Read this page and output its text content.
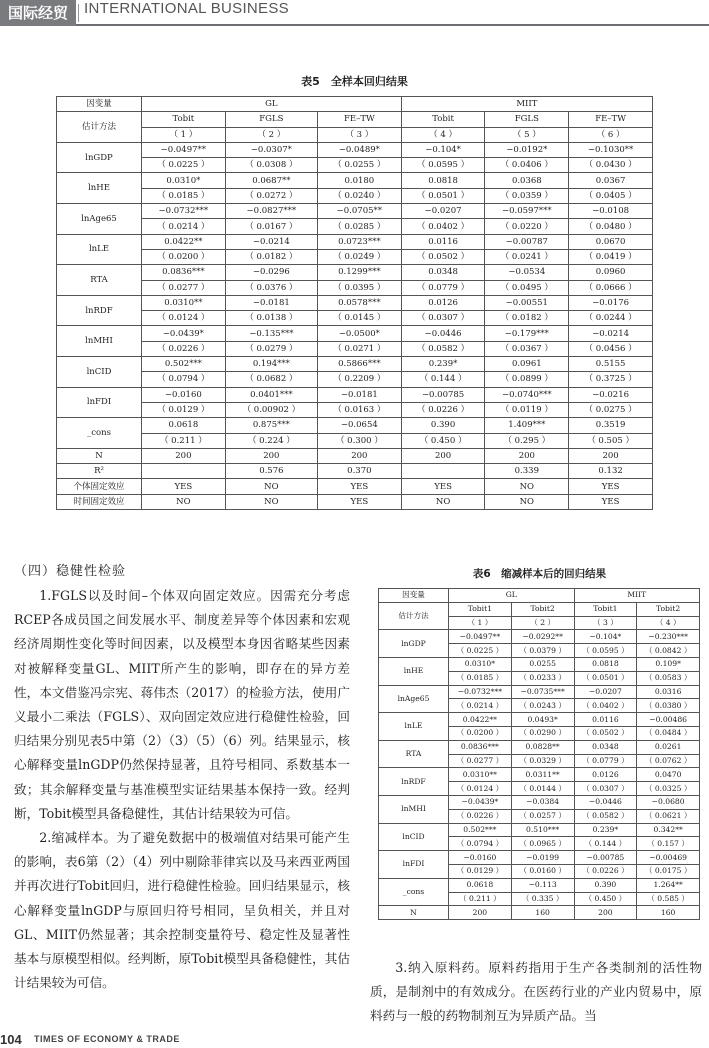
国际经贸	INTERNATIONAL BUSINESS
表5　全样本回归结果
因变量	GL			MIIT		
估计方法	Tobit	FGLS	FE–TW	Tobit	FGLS	FE–TW
	（ 1 ）	（ 2 ）	（ 3 ）	（ 4 ）	（ 5 ）	（ 6 ）
lnGDP	−0.0497**	−0.0307*	−0.0489*	−0.104*	−0.0192*	−0.1030**
	（ 0.0225 ）	（ 0.0308 ）	（ 0.0255 ）	（ 0.0595 ）	（ 0.0406 ）	（ 0.0430 ）
lnHE	0.0310*	0.0687**	0.0180	0.0818	0.0368	0.0367
	（ 0.0185 ）	（ 0.0272 ）	（ 0.0240 ）	（ 0.0501 ）	（ 0.0359 ）	（ 0.0405 ）
lnAge65	−0.0732***	−0.0827***	−0.0705**	−0.0207	−0.0597***	−0.0108
	（ 0.0214 ）	（ 0.0167 ）	（ 0.0285 ）	（ 0.0402 ）	（ 0.0220 ）	（ 0.0480 ）
lnLE	0.0422**	−0.0214	0.0723***	0.0116	−0.00787	0.0670
	（ 0.0200 ）	（ 0.0182 ）	（ 0.0249 ）	（ 0.0502 ）	（ 0.0241 ）	（ 0.0419 ）
RTA	0.0836***	−0.0296	0.1299***	0.0348	−0.0534	0.0960
	（ 0.0277 ）	（ 0.0376 ）	（ 0.0395 ）	（ 0.0779 ）	（ 0.0495 ）	（ 0.0666 ）
lnRDF	0.0310**	−0.0181	0.0578***	0.0126	−0.00551	−0.0176
	（ 0.0124 ）	（ 0.0138 ）	（ 0.0145 ）	（ 0.0307 ）	（ 0.0182 ）	（ 0.0244 ）
lnMHI	−0.0439*	−0.135***	−0.0500*	−0.0446	−0.179***	−0.0214
	（ 0.0226 ）	（ 0.0279 ）	（ 0.0271 ）	（ 0.0582 ）	（ 0.0367 ）	（ 0.0456 ）
lnCID	0.502***	0.194***	0.5866***	0.239*	0.0961	0.5155
	（ 0.0794 ）	（ 0.0682 ）	（ 0.2209 ）	（ 0.144 ）	（ 0.0899 ）	（ 0.3725 ）
lnFDI	−0.0160	0.0401***	−0.0181	−0.00785	−0.0740***	−0.0216
	（ 0.0129 ）	（ 0.00902 ）	（ 0.0163 ）	（ 0.0226 ）	（ 0.0119 ）	（ 0.0275 ）
_cons	0.0618	0.875***	−0.0654	0.390	1.409***	0.3519
	（ 0.211 ）	（ 0.224 ）	（ 0.300 ）	（ 0.450 ）	（ 0.295 ）	（ 0.505 ）
N	200	200	200	200	200	200
R²		0.576	0.370		0.339	0.132
个体固定效应	YES	NO	YES	YES	NO	YES
时间固定效应	NO	NO	YES	NO	NO	YES
（四）稳健性检验

1.FGLS以及时间–个体双向固定效应。因需充分考虑RCEP各成员国之间发展水平、制度差异等个体因素和宏观经济周期性变化等时间因素，以及模型本身因省略某些因素对被解释变量GL、MIIT所产生的影响，即存在的异方差性，本文借鉴冯宗宪、蒋伟杰（2017）的检验方法，使用广义最小二乘法（FGLS）、双向固定效应进行稳健性检验，回归结果分别见表5中第（2）（3）（5）（6）列。结果显示，核心解释变量lnGDP仍然保持显著，且符号相同、系数基本一致；其余解释变量与基准模型实证结果基本保持一致。经判断，Tobit模型具备稳健性，其估计结果较为可信。

2.缩减样本。为了避免数据中的极端值对结果可能产生的影响，表6第（2）（4）列中剔除菲律宾以及马来西亚两国并再次进行Tobit回归，进行稳健性检验。回归结果显示，核心解释变量lnGDP与原回归符号相同，呈负相关，并且对GL、MIIT仍然显著；其余控制变量符号、稳定性及显著性基本与原模型相似。经判断，原Tobit模型具备稳健性，其估计结果较为可信。

表6　缩减样本后的回归结果
因变量	GL		MIIT	
估计方法	Tobit1	Tobit2	Tobit1	Tobit2
	（ 1 ）	（ 2 ）	（ 3 ）	（ 4 ）
lnGDP	−0.0497**	−0.0292**	−0.104*	−0.230***
	（ 0.0225 ）	（ 0.0379 ）	（ 0.0595 ）	（ 0.0842 ）
lnHE	0.0310*	0.0255	0.0818	0.109*
	（ 0.0185 ）	（ 0.0233 ）	（ 0.0501 ）	（ 0.0583 ）
lnAge65	−0.0732***	−0.0735***	−0.0207	0.0316
	（ 0.0214 ）	（ 0.0243 ）	（ 0.0402 ）	（ 0.0380 ）
lnLE	0.0422**	0.0493*	0.0116	−0.00486
	（ 0.0200 ）	（ 0.0290 ）	（ 0.0502 ）	（ 0.0484 ）
RTA	0.0836***	0.0828**	0.0348	0.0261
	（ 0.0277 ）	（ 0.0329 ）	（ 0.0779 ）	（ 0.0762 ）
lnRDF	0.0310**	0.0311**	0.0126	0.0470
	（ 0.0124 ）	（ 0.0144 ）	（ 0.0307 ）	（ 0.0325 ）
lnMHI	−0.0439*	−0.0384	−0.0446	−0.0680
	（ 0.0226 ）	（ 0.0257 ）	（ 0.0582 ）	（ 0.0621 ）
lnCID	0.502***	0.510***	0.239*	0.342**
	（ 0.0794 ）	（ 0.0965 ）	（ 0.144 ）	（ 0.157 ）
lnFDI	−0.0160	−0.0199	−0.00785	−0.00469
	（ 0.0129 ）	（ 0.0160 ）	（ 0.0226 ）	（ 0.0175 ）
_cons	0.0618	−0.113	0.390	1.264**
	（ 0.211 ）	（ 0.335 ）	（ 0.450 ）	（ 0.585 ）
N	200	160	200	160

3.纳入原料药。原料药指用于生产各类制剂的活性物质，是制剂中的有效成分。在医药行业的产业内贸易中，原料药与一般的药物制剂互为异质产品。当

104 TIMES OF ECONOMY & TRADE
